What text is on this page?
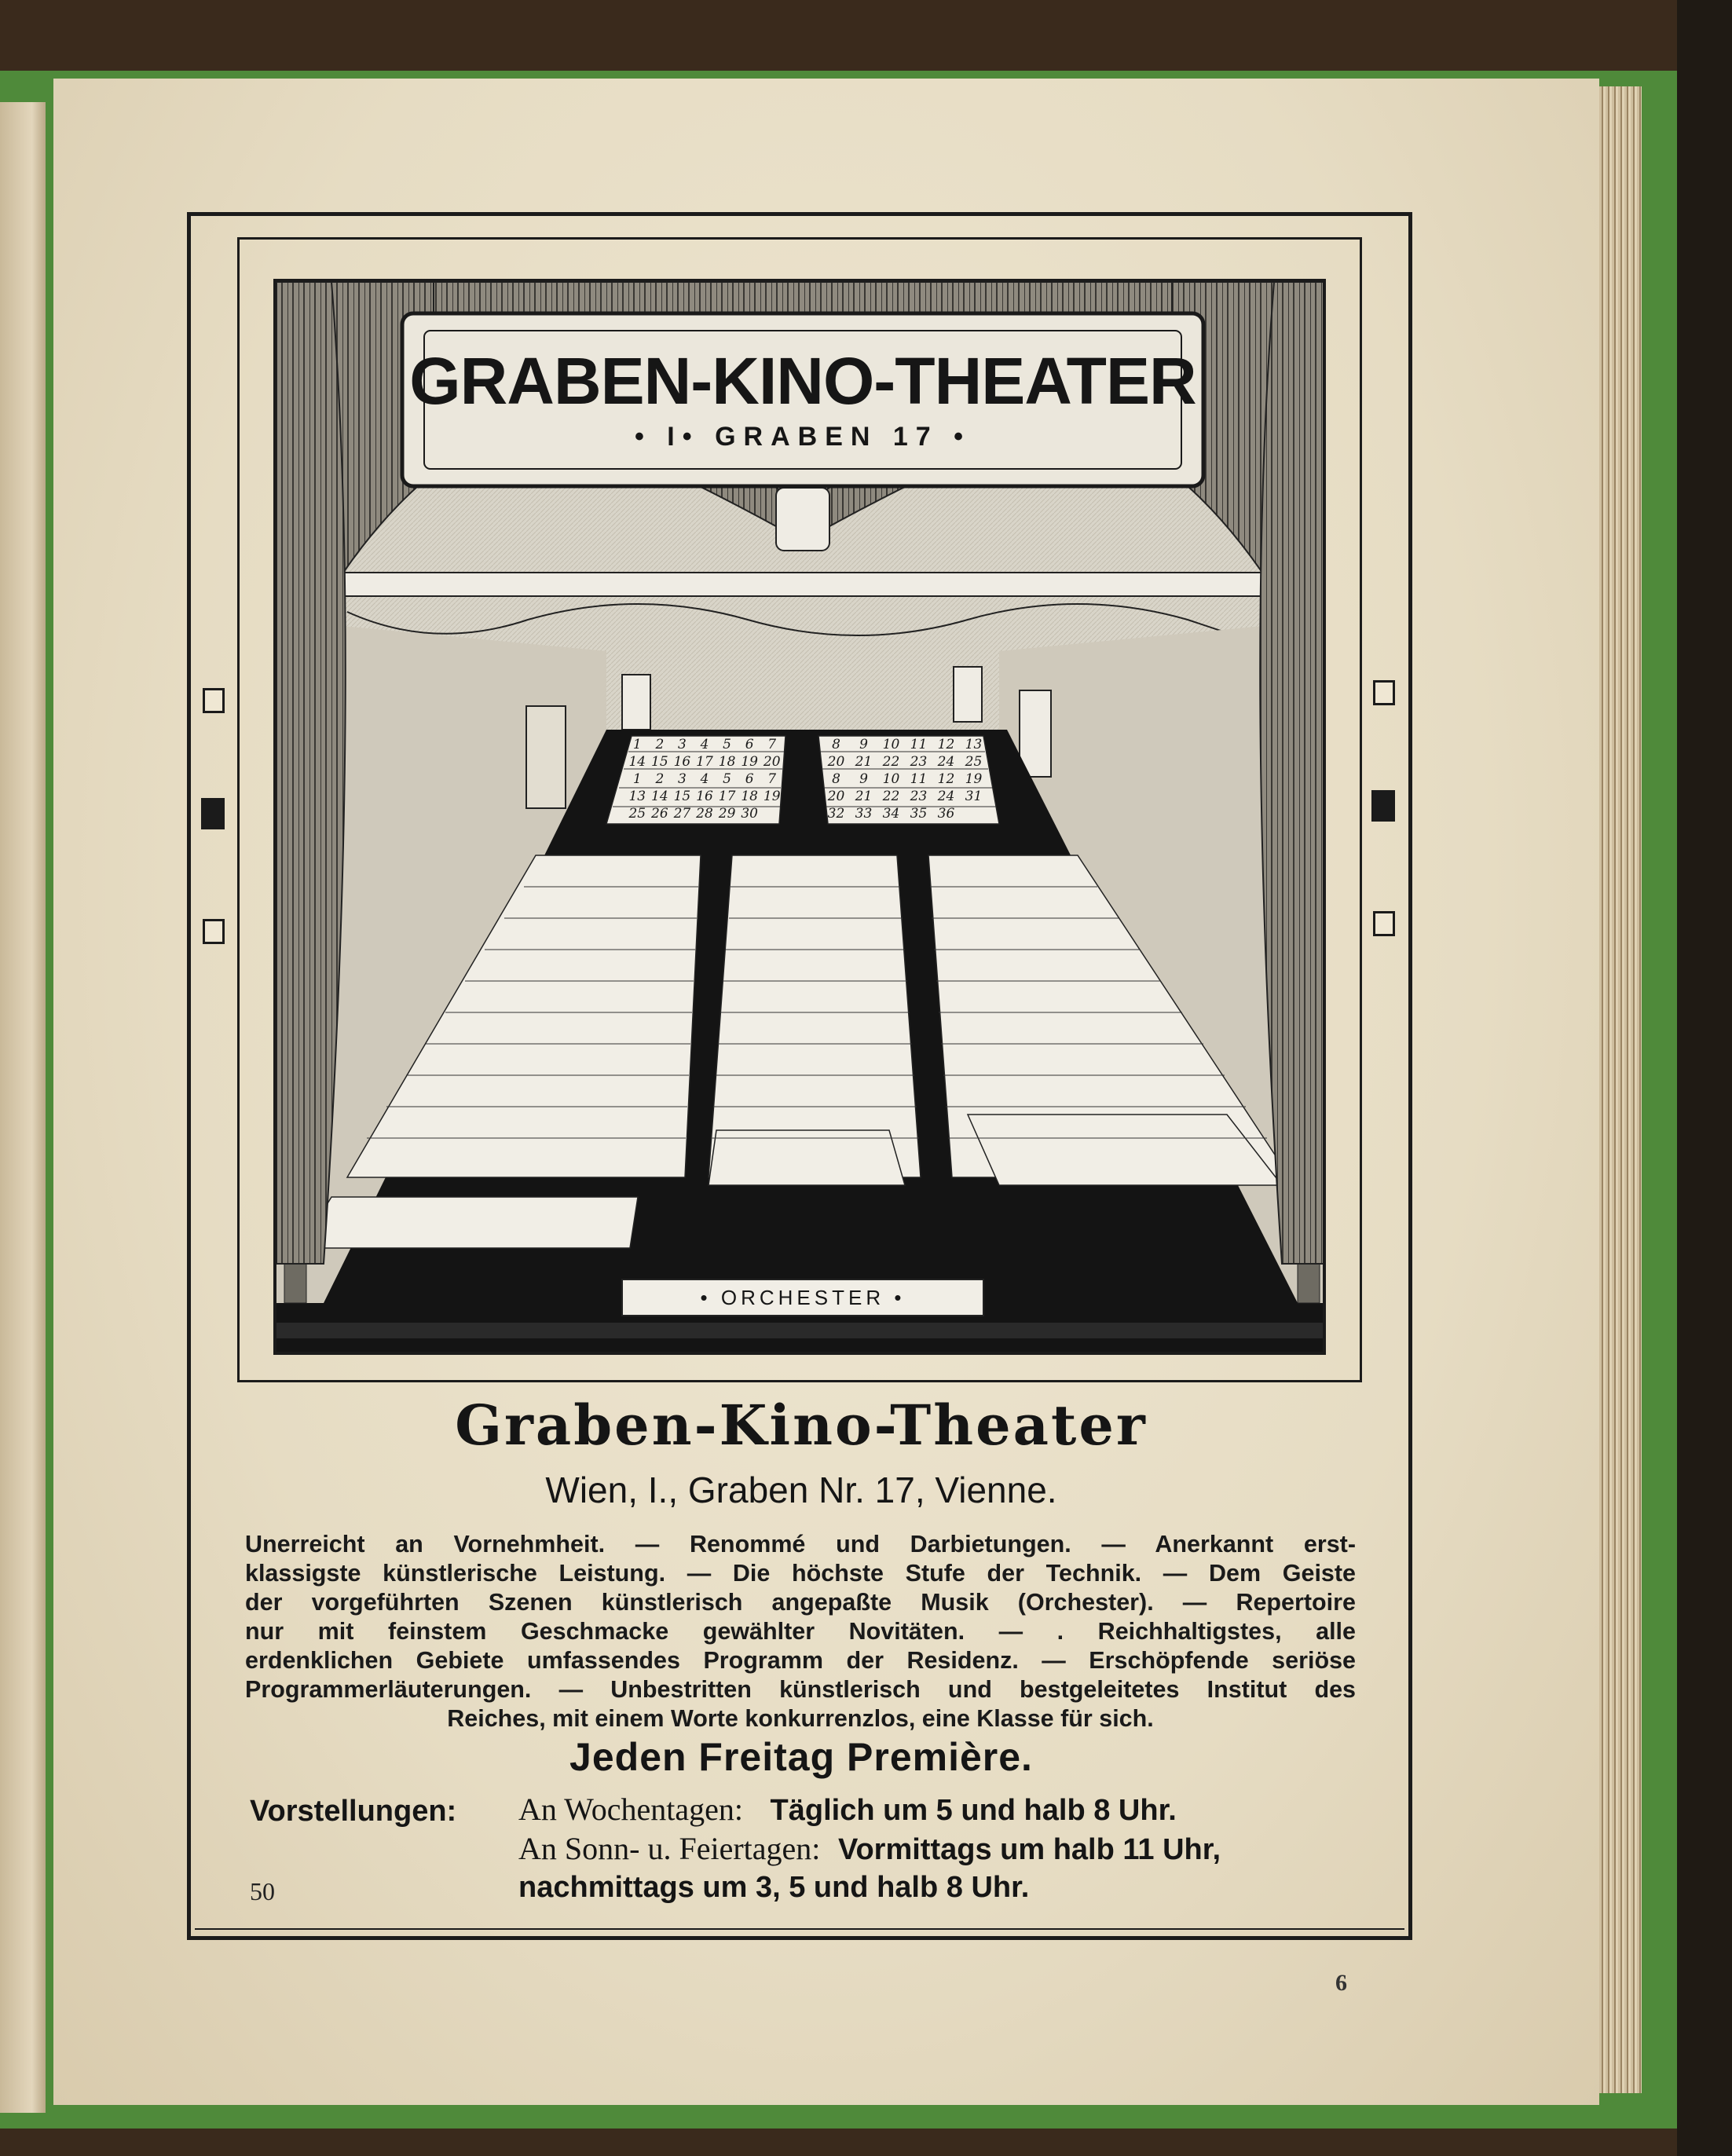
• ORCHESTER •
GRABEN-KINO-THEATER
• I• GRABEN 17 •
1 2 3 4 5 6 7
14 15 16 17 18 19 20
1 2 3 4 5 6 7
13 14 15 16 17 18 19
25 26 27 28 29 30
8 9 10 11 12 13
20 21 22 23 24 25
8 9 10 11 12 19
20 21 22 23 24 31
32 33 34 35 36
Graben-Kino-Theater
Wien, I., Graben Nr. 17, Vienne.
Unerreicht an Vornehmheit. — Renommé und Darbietungen. — Anerkannt erst-
klassigste künstlerische Leistung. — Die höchste Stufe der Technik. — Dem Geiste
der vorgeführten Szenen künstlerisch angepaßte Musik (Orchester). — Repertoire
nur mit feinstem Geschmacke gewählter Novitäten. — . Reichhaltigstes, alle
erdenklichen Gebiete umfassendes Programm der Residenz. — Erschöpfende seriöse
Programmerläuterungen. — Unbestritten künstlerisch und bestgeleitetes Institut des
Reiches, mit einem Worte konkurrenzlos, eine Klasse für sich.
Jeden Freitag Première.
Vorstellungen: An Wochentagen: Täglich um 5 und halb 8 Uhr.
An Sonn- u. Feiertagen: Vormittags um halb 11 Uhr,
nachmittags um 3, 5 und halb 8 Uhr.
50
6
